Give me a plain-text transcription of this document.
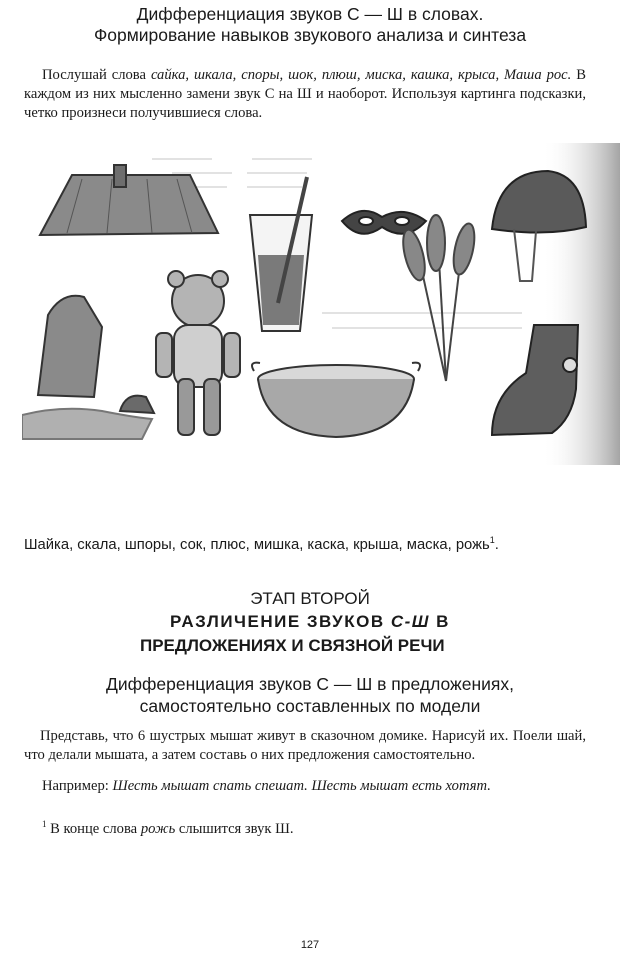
Дифференциация звуков С — Ш в словах.
Формирование навыков звукового анализа и синтеза
Послушай слова сайка, шкала, споры, шок, плюш, миска, кашка, крыса, Маша рос. В каждом из них мысленно замени звук С на Ш и наоборот. Используя картинга подсказки, четко произнеси получившиеся слова.
Шайка, скала, шпоры, сок, плюс, мишка, каска, крыша, маска, рожь$^1$.
ЭТАП ВТОРОЙ
РАЗЛИЧЕНИЕ ЗВУКОВ С-Ш В
ПРЕДЛОЖЕНИЯХ И СВЯЗНОЙ РЕЧИ
Дифференциация звуков С — Ш в предложениях,
самостоятельно составленных по модели
Представь, что 6 шустрых мышат живут в сказочном домике. Нарисуй их. Поели шай, что делали мышата, а затем составь о них предложения самостоятельно.
Например: Шесть мышат спать спешат. Шесть мышат есть хотят.
$^1$ В конце слова рожь слышится звук Ш.
127
